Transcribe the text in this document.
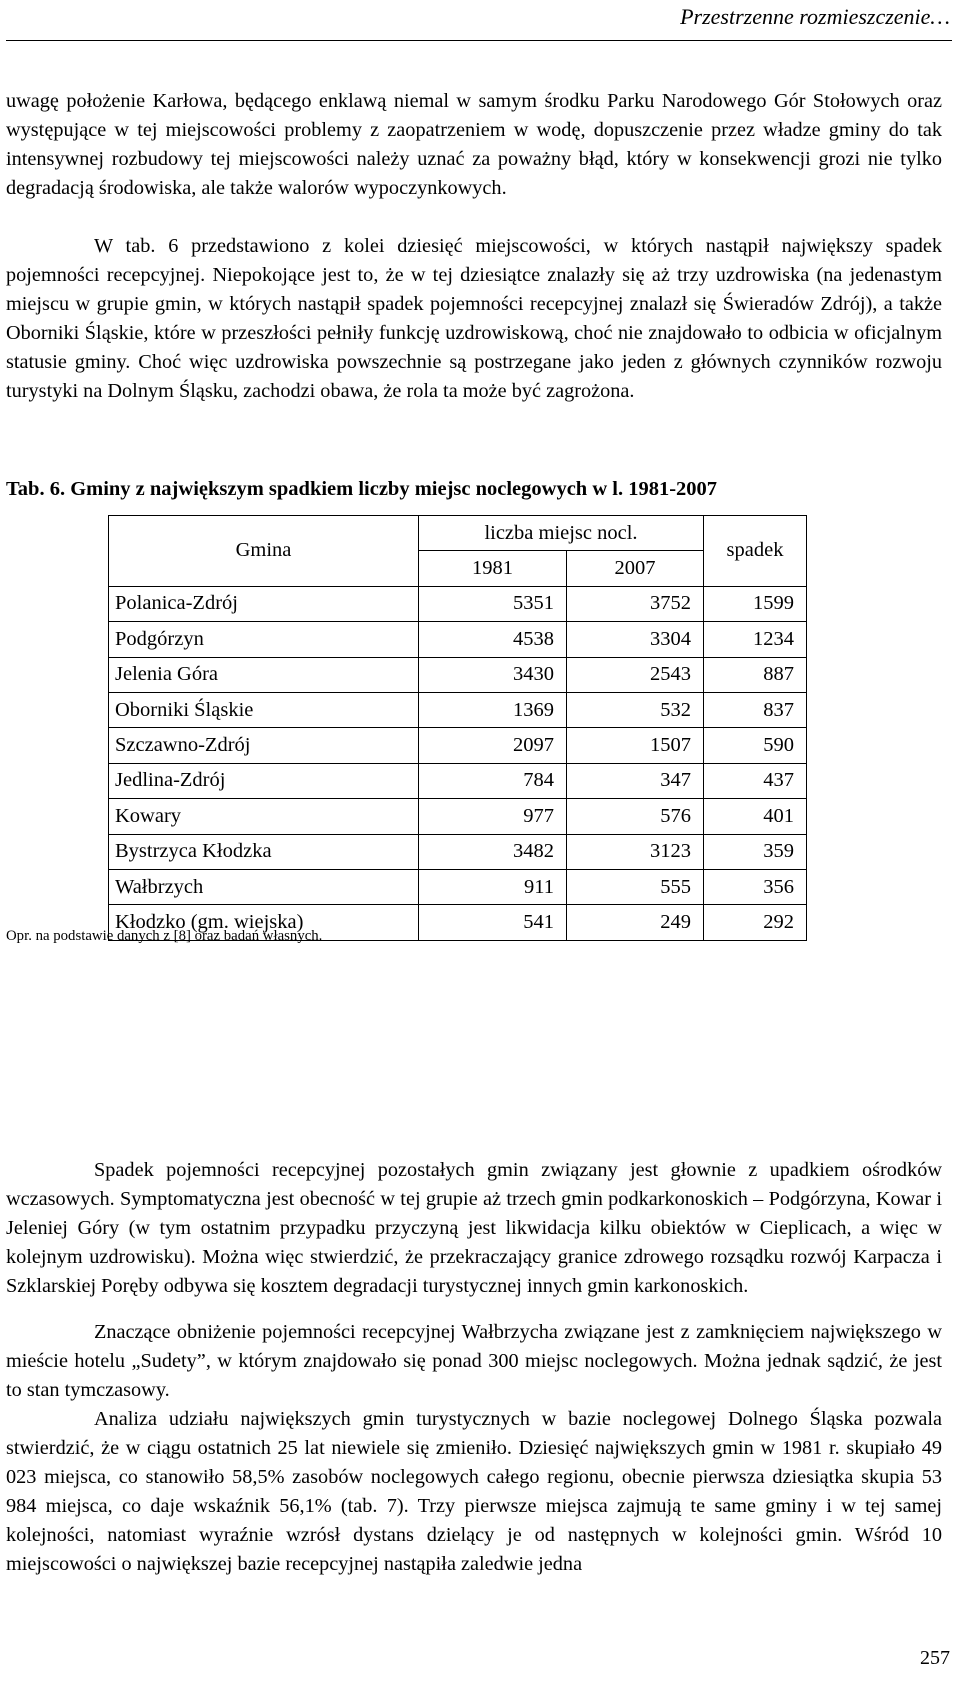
Przestrzenne rozmieszczenie…

uwagę położenie Karłowa, będącego enklawą niemal w samym środku Parku Narodowego Gór Stołowych oraz występujące w tej miejscowości problemy z zaopatrzeniem w wodę, dopuszczenie przez władze gminy do tak intensywnej rozbudowy tej miejscowości należy uznać za poważny błąd, który w konsekwencji grozi nie tylko degradacją środowiska, ale także walorów wypoczynkowych.

W tab. 6 przedstawiono z kolei dziesięć miejscowości, w których nastąpił największy spadek pojemności recepcyjnej. Niepokojące jest to, że w tej dziesiątce znalazły się aż trzy uzdrowiska (na jedenastym miejscu w grupie gmin, w których nastąpił spadek pojemności recepcyjnej znalazł się Świeradów Zdrój), a także Oborniki Śląskie, które w przeszłości pełniły funkcję uzdrowiskową, choć nie znajdowało to odbicia w oficjalnym statusie gminy. Choć więc uzdrowiska powszechnie są postrzegane jako jeden z głównych czynników rozwoju turystyki na Dolnym Śląsku, zachodzi obawa, że rola ta może być zagrożona.

Tab. 6. Gminy z największym spadkiem liczby miejsc noclegowych w l. 1981-2007
Gmina	liczba miejsc nocl.		spadek
	1981	2007	
Polanica-Zdrój	5351	3752	1599
Podgórzyn	4538	3304	1234
Jelenia Góra	3430	2543	887
Oborniki Śląskie	1369	532	837
Szczawno-Zdrój	2097	1507	590
Jedlina-Zdrój	784	347	437
Kowary	977	576	401
Bystrzyca Kłodzka	3482	3123	359
Wałbrzych	911	555	356
Kłodzko (gm. wiejska)	541	249	292
Opr. na podstawie danych z [8] oraz badań własnych.

Spadek pojemności recepcyjnej pozostałych gmin związany jest głownie z upadkiem ośrodków wczasowych. Symptomatyczna jest obecność w tej grupie aż trzech gmin podkarkonoskich – Podgórzyna, Kowar i Jeleniej Góry (w tym ostatnim przypadku przyczyną jest likwidacja kilku obiektów w Cieplicach, a więc w kolejnym uzdrowisku). Można więc stwierdzić, że przekraczający granice zdrowego rozsądku rozwój Karpacza i Szklarskiej Poręby odbywa się kosztem degradacji turystycznej innych gmin karkonoskich.

Znaczące obniżenie pojemności recepcyjnej Wałbrzycha związane jest z zamknięciem największego w mieście hotelu „Sudety”, w którym znajdowało się ponad 300 miejsc noclegowych. Można jednak sądzić, że jest to stan tymczasowy.

Analiza udziału największych gmin turystycznych w bazie noclegowej Dolnego Śląska pozwala stwierdzić, że w ciągu ostatnich 25 lat niewiele się zmieniło. Dziesięć największych gmin w 1981 r. skupiało 49 023 miejsca, co stanowiło 58,5% zasobów noclegowych całego regionu, obecnie pierwsza dziesiątka skupia 53 984 miejsca, co daje wskaźnik 56,1% (tab. 7). Trzy pierwsze miejsca zajmują te same gminy i w tej samej kolejności, natomiast wyraźnie wzrósł dystans dzielący je od następnych w kolejności gmin. Wśród 10 miejscowości o największej bazie recepcyjnej nastąpiła zaledwie jedna

257
